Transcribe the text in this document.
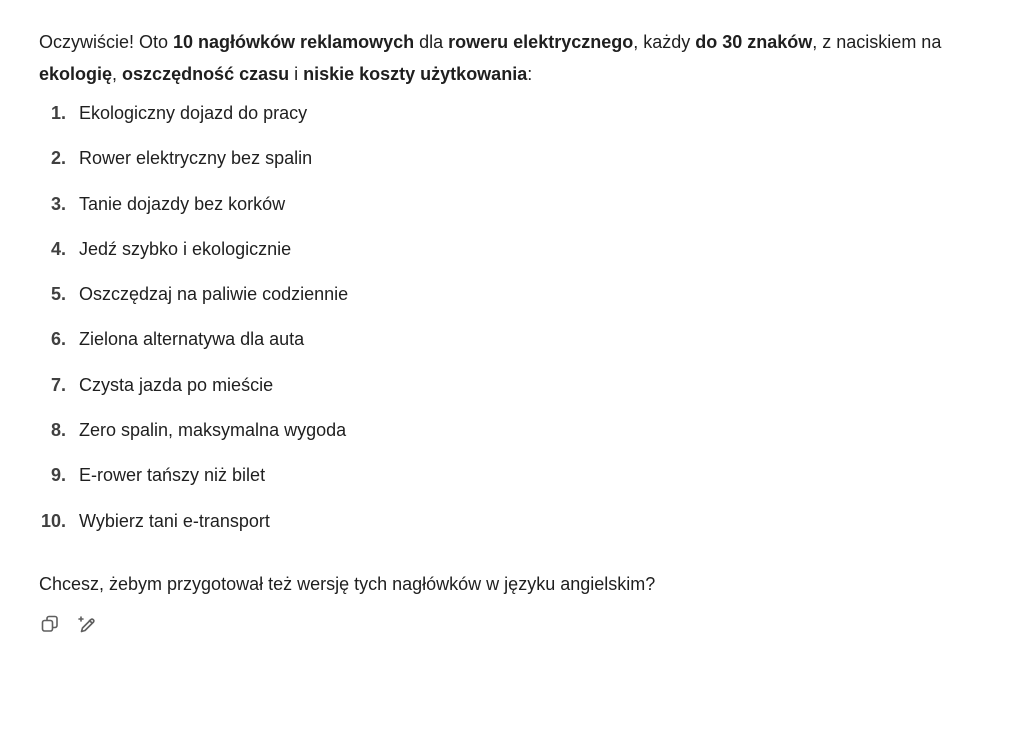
Oczywiście! Oto 10 nagłówków reklamowych dla roweru elektrycznego, każdy do 30 znaków, z naciskiem na ekologię, oszczędność czasu i niskie koszty użytkowania:

1. Ekologiczny dojazd do pracy
2. Rower elektryczny bez spalin
3. Tanie dojazdy bez korków
4. Jedź szybko i ekologicznie
5. Oszczędzaj na paliwie codziennie
6. Zielona alternatywa dla auta
7. Czysta jazda po mieście
8. Zero spalin, maksymalna wygoda
9. E-rower tańszy niż bilet
10. Wybierz tani e-transport

Chcesz, żebym przygotował też wersję tych nagłówków w języku angielskim?
